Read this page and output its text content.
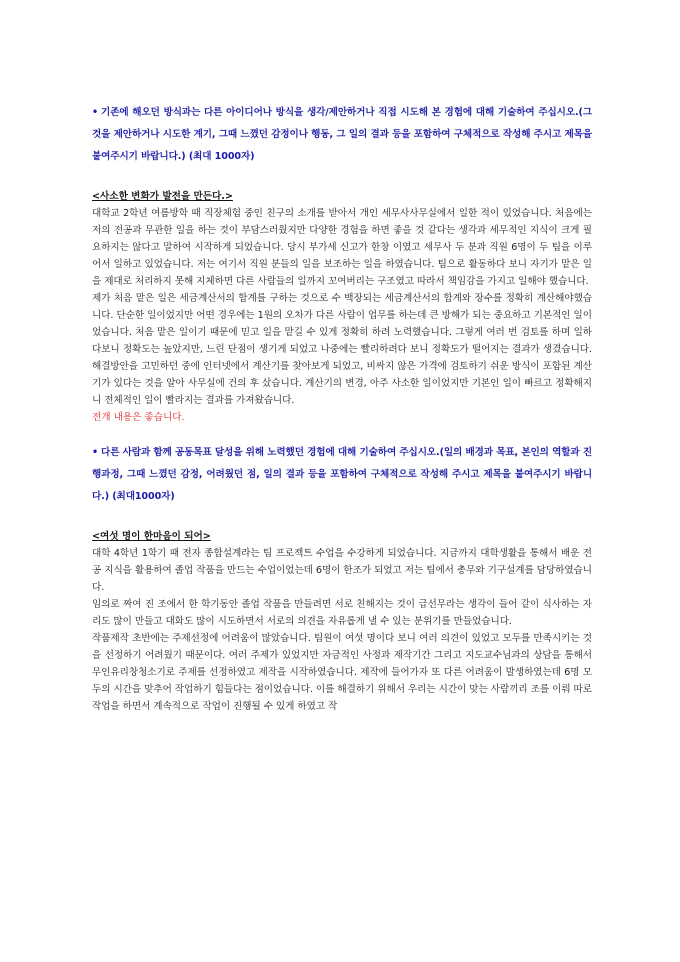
• 기존에 해오던 방식과는 다른 아이디어나 방식을 생각/제안하거나 직접 시도해 본 경험에 대해 기술하여 주십시오.(그것을 제안하거나 시도한 계기, 그때 느꼈던 감정이나 행동, 그 일의 결과 등을 포함하여 구체적으로 작성해 주시고 제목을 붙여주시기 바랍니다.) (최대 1000자)

<사소한 변화가 발전을 만든다.>

대학교 2학년 여름방학 때 직장체험 중인 친구의 소개를 받아서 개인 세무사사무실에서 일한 적이 있었습니다. 처음에는 저의 전공과 무관한 일을 하는 것이 부담스러웠지만 다양한 경험을 하면 좋을 것 같다는 생각과 세무적인 지식이 크게 필요하지는 않다고 말하여 시작하게 되었습니다. 당시 부가세 신고가 한창 이였고 세무사 두 분과 직원 6명이 두 팀을 이루어서 일하고 있었습니다. 저는 여기서 직원 분들의 일을 보조하는 일을 하였습니다. 팀으로 활동하다 보니 자기가 맡은 일을 제대로 처리하지 못해 지체하면 다른 사람들의 일까지 꼬여버리는 구조였고 따라서 책임감을 가지고 일해야 했습니다.

제가 처음 맡은 일은 세금계산서의 합계를 구하는 것으로 수 백장되는 세금계산서의 합계와 장수를 정확히 계산해야했습니다. 단순한 일이었지만 어떤 경우에는 1원의 오차가 다른 사람이 업무를 하는데 큰 방해가 되는 중요하고 기본적인 일이었습니다. 처음 맡은 일이기 때문에 믿고 일을 맡길 수 있게 정확히 하려 노력했습니다. 그렇게 여러 번 검토를 하며 일하다보니 정확도는 높았지만, 느린 단점이 생기게 되었고 나중에는 빨리하려다 보니 정확도가 떨어지는 결과가 생겼습니다. 해결방안을 고민하던 중에 인터넷에서 계산기를 찾아보게 되었고, 비싸지 않은 가격에 검토하기 쉬운 방식이 포함된 계산기가 있다는 것을 알아 사무실에 건의 후 샀습니다. 계산기의 변경, 아주 사소한 일이었지만 기본인 일이 빠르고 정확해지니 전체적인 일이 빨라지는 결과를 가져왔습니다.

전개 내용은 좋습니다.

• 다른 사람과 함께 공동목표 달성을 위해 노력했던 경험에 대해 기술하여 주십시오.(일의 배경과 목표, 본인의 역할과 진행과정, 그때 느꼈던 감정, 어려웠던 점, 일의 결과 등을 포함하여 구체적으로 작성해 주시고 제목을 붙여주시기 바랍니다.) (최대1000자)

<여섯 명이 한마음이 되어>

대학 4학년 1학기 때 전자 종합설계라는 팀 프로젝트 수업을 수강하게 되었습니다. 지금까지 대학생활을 통해서 배운 전공 지식을 활용하여 졸업 작품을 만드는 수업이었는데 6명이 한조가 되었고 저는 팀에서 총무와 기구설계를 담당하였습니다.

임의로 짜여 진 조에서 한 학기동안 졸업 작품을 만들려면 서로 친해지는 것이 급선무라는 생각이 들어 같이 식사하는 자리도 많이 만들고 대화도 많이 시도하면서 서로의 의견을 자유롭게 낼 수 있는 분위기를 만들었습니다.

작품제작 초반에는 주제선정에 어려움이 많았습니다. 팀원이 여섯 명이다 보니 여러 의견이 있었고 모두를 만족시키는 것을 선정하기 어려웠기 때문이다. 여러 주제가 있었지만 자금적인 사정과 제작기간 그리고 지도교수님과의 상담을 통해서 무인유리창청소기로 주제를 선정하였고 제작을 시작하였습니다. 제작에 들어가자 또 다른 어려움이 발생하였는데 6명 모두의 시간을 맞추어 작업하기 힘들다는 점이었습니다. 이를 해결하기 위해서 우리는 시간이 맞는 사람끼리 조를 이뤄 따로 작업을 하면서 계속적으로 작업이 진행될 수 있게 하였고 작
